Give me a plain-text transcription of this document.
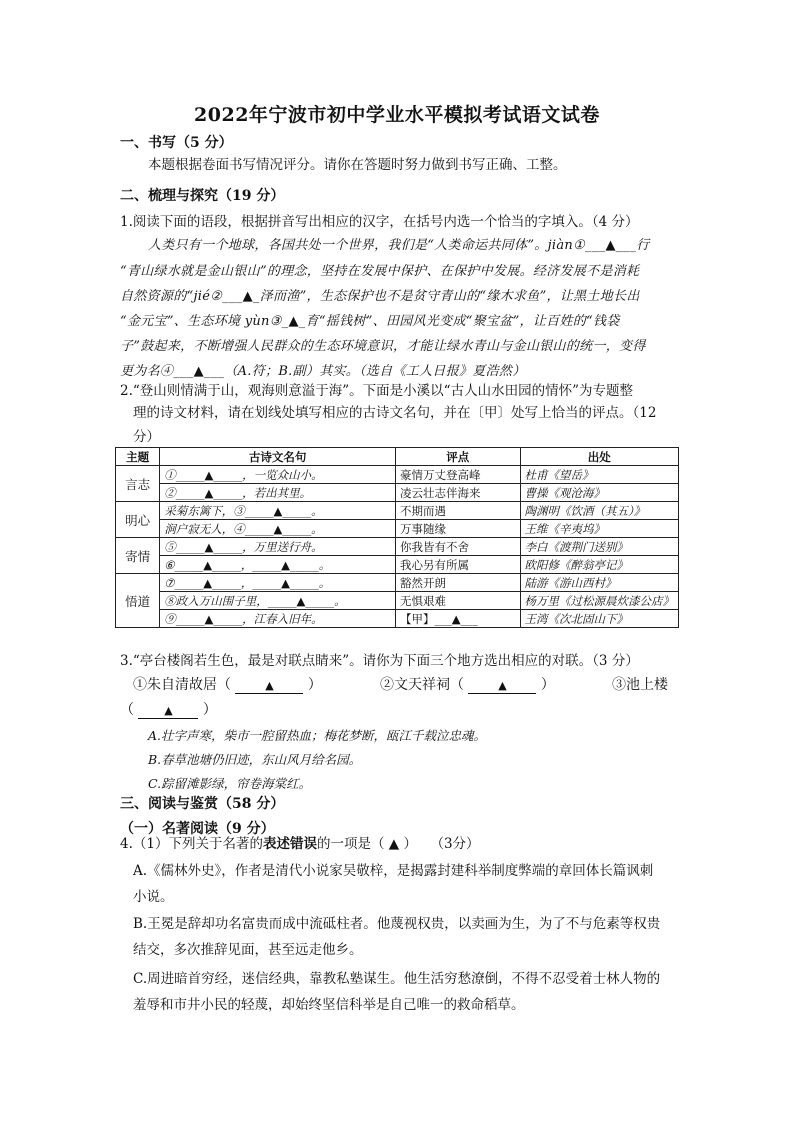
2022年宁波市初中学业水平模拟考试语文试卷
一、书写（5 分）
本题根据卷面书写情况评分。请你在答题时努力做到书写正确、工整。
二、梳理与探究（19 分）
1.阅读下面的语段，根据拼音写出相应的汉字，在括号内选一个恰当的字填入。（4 分）
人类只有一个地球，各国共处一个世界，我们是“人类命运共同体”。jiàn①___▲___行
“青山绿水就是金山银山”的理念，坚持在发展中保护、在保护中发展。经济发展不是消耗
自然资源的“jié②___▲_泽而渔”，生态保护也不是贫守青山的“缘木求鱼”，让黑土地长出
“金元宝”、生态环境 yùn③_▲_育“摇钱树”、田园风光变成“聚宝盆”，让百姓的“钱袋
子”鼓起来，不断增强人民群众的生态环境意识，才能让绿水青山与金山银山的统一，变得
更为名④___▲___（A.符；B.副）其实。（选自《工人日报》夏浩然）
2.“登山则情满于山，观海则意溢于海”。下面是小溪以“古人山水田园的情怀”为专题整
理的诗文材料，请在划线处填写相应的古诗文名句，并在〔甲〕处写上恰当的评点。（12
分）
主题	古诗文名句	评点	出处
言志	①_____▲_____，一览众山小。	豪情万丈登高峰	杜甫《望岳》
	②_____▲_____，若出其里。	凌云壮志伴海来	曹操《观沧海》
明心	采菊东篱下，③_____▲_____。	不期而遇	陶渊明《饮酒（其五）》
	涧户寂无人，④_____▲_____。	万事随缘	王维《辛夷坞》
寄情	⑤_____▲_____，万里送行舟。	你我皆有不舍	李白《渡荆门送别》
	⑥_____▲_____，_____▲_____。	我心另有所属	欧阳修《醉翁亭记》
悟道	⑦_____▲_____，_____▲_____。	豁然开朗	陆游《游山西村》
	⑧政入万山围子里，_____▲_____。	无惧艰难	杨万里《过松源晨炊漆公店》
	⑨_____▲_____，江春入旧年。	【甲】___▲___	王湾《次北固山下》
3.“亭台楼阁若生色，最是对联点睛来”。请你为下面三个地方选出相应的对联。（3 分）
①朱自清故居（	▲ ）	②文天祥祠（	▲ ）	③池上楼
（	▲ ）
A.壮字声寒，柴市一腔留热血；梅花梦断，瓯江千载泣忠魂。
B.春草池塘仍旧迹，东山风月给名园。
C.踪留滩影绿，帘卷海棠红。
三、阅读与鉴赏（58 分）
（一）名著阅读（9 分）
4.（1）下列关于名著的表述错误的一项是（ ▲ ）　　（3分）
A.《儒林外史》，作者是清代小说家吴敬梓，是揭露封建科举制度弊端的章回体长篇讽刺
小说。
B.王冕是辞却功名富贵而成中流砥柱者。他蔑视权贵，以卖画为生，为了不与危素等权贵
结交，多次推辞见面，甚至远走他乡。
C.周进暗首穷经，迷信经典，靠教私塾谋生。他生活穷愁潦倒，不得不忍受着士林人物的
羞辱和市井小民的轻蔑，却始终坚信科举是自己唯一的救命稻草。
